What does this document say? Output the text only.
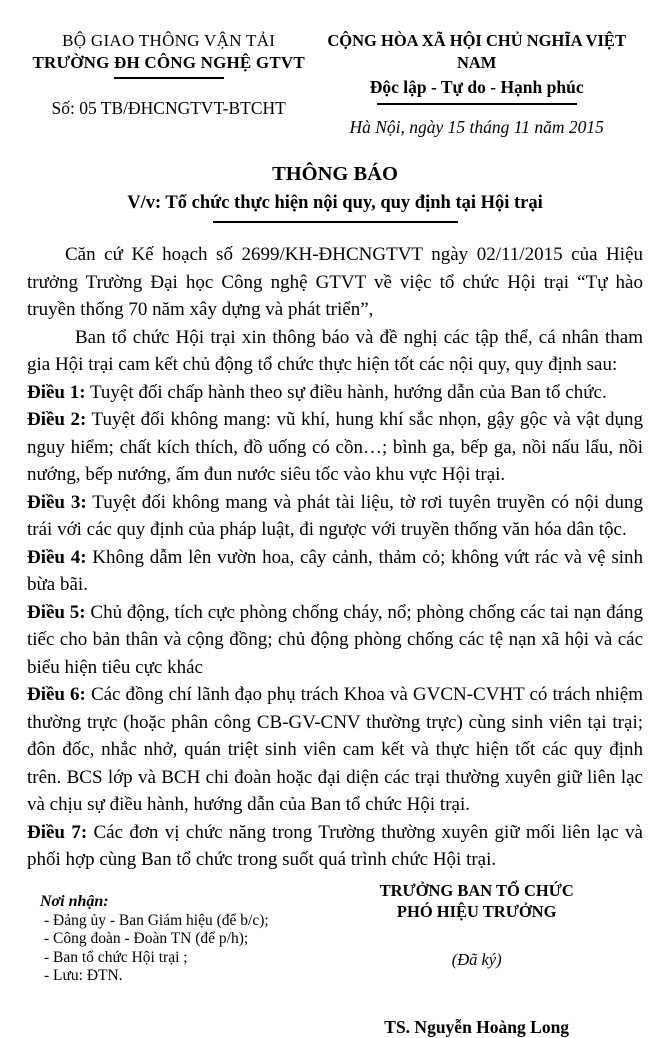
BỘ GIAO THÔNG VẬN TẢI
TRƯỜNG ĐH CÔNG NGHỆ GTVT
Số: 05 TB/ĐHCNGTVT-BTCHT
CỘNG HÒA XÃ HỘI CHỦ NGHĨA VIỆT NAM
Độc lập - Tự do - Hạnh phúc
Hà Nội, ngày 15 tháng 11 năm 2015
THÔNG BÁO
V/v: Tổ chức thực hiện nội quy, quy định tại Hội trại

Căn cứ Kế hoạch số 2699/KH-ĐHCNGTVT ngày 02/11/2015 của Hiệu trưởng Trường Đại học Công nghệ GTVT về việc tổ chức Hội trại “Tự hào truyền thống 70 năm xây dựng và phát triển”,

Ban tổ chức Hội trại xin thông báo và đề nghị các tập thể, cá nhân tham gia Hội trại cam kết chủ động tổ chức thực hiện tốt các nội quy, quy định sau:

Điều 1: Tuyệt đối chấp hành theo sự điều hành, hướng dẫn của Ban tổ chức.

Điều 2: Tuyệt đối không mang: vũ khí, hung khí sắc nhọn, gậy gộc và vật dụng nguy hiểm; chất kích thích, đồ uống có cồn…; bình ga, bếp ga, nồi nấu lẩu, nồi nướng, bếp nướng, ấm đun nước siêu tốc vào khu vực Hội trại.

Điều 3: Tuyệt đối không mang và phát tài liệu, tờ rơi tuyên truyền có nội dung trái với các quy định của pháp luật, đi ngược với truyền thống văn hóa dân tộc.

Điều 4: Không dẫm lên vườn hoa, cây cảnh, thảm cỏ; không vứt rác và vệ sinh bừa bãi.

Điều 5: Chủ động, tích cực phòng chống cháy, nổ; phòng chống các tai nạn đáng tiếc cho bản thân và cộng đồng; chủ động phòng chống các tệ nạn xã hội và các biểu hiện tiêu cực khác

Điều 6: Các đồng chí lãnh đạo phụ trách Khoa và GVCN-CVHT có trách nhiệm thường trực (hoặc phân công CB-GV-CNV thường trực) cùng sinh viên tại trại; đôn đốc, nhắc nhở, quán triệt sinh viên cam kết và thực hiện tốt các quy định trên. BCS lớp và BCH chi đoàn hoặc đại diện các trại thường xuyên giữ liên lạc và chịu sự điều hành, hướng dẫn của Ban tổ chức Hội trại.

Điều 7: Các đơn vị chức năng trong Trường thường xuyên giữ mối liên lạc và phối hợp cùng Ban tổ chức trong suốt quá trình chức Hội trại.

Nơi nhận:
- Đảng ủy - Ban Giám hiệu (để b/c);
- Công đoàn - Đoàn TN (để p/h);
- Ban tổ chức Hội trại ;
- Lưu: ĐTN.
TRƯỞNG BAN TỔ CHỨC
PHÓ HIỆU TRƯỞNG
(Đã ký)
TS. Nguyễn Hoàng Long
